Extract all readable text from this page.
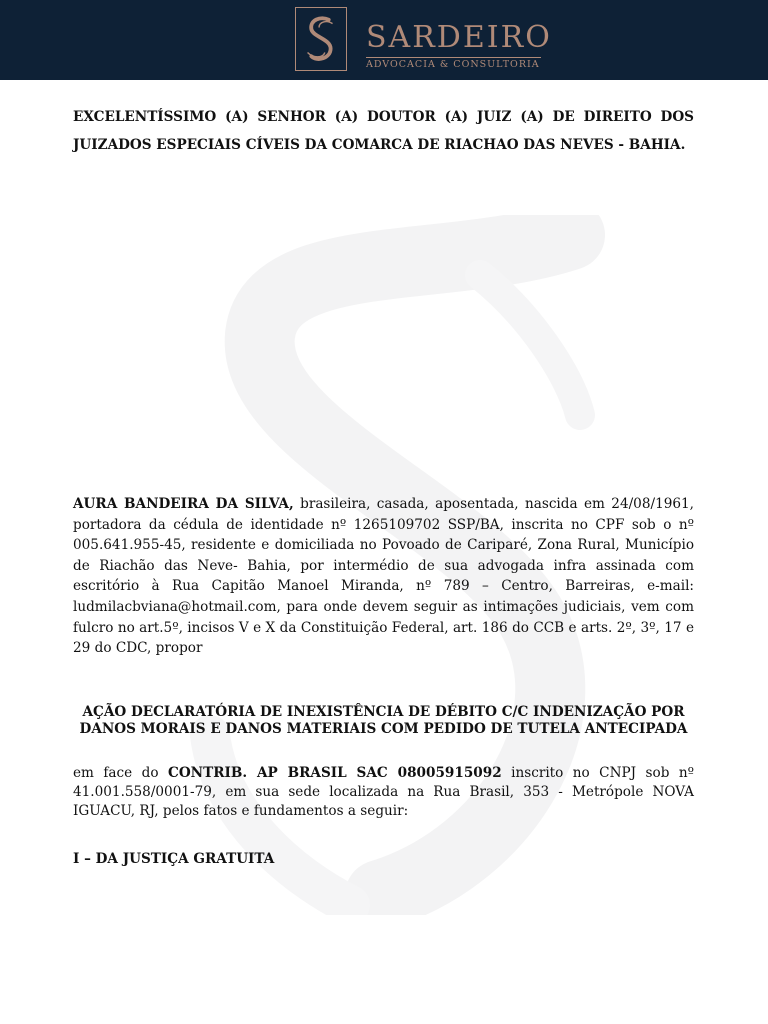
SARDEIRO
ADVOCACIA & CONSULTORIA
EXCELENTÍSSIMO (A) SENHOR (A) DOUTOR (A) JUIZ (A) DE DIREITO DOS JUIZADOS ESPECIAIS CÍVEIS DA COMARCA DE RIACHAO DAS NEVES - BAHIA.
AURA BANDEIRA DA SILVA, brasileira, casada, aposentada, nascida em 24/08/1961, portadora da cédula de identidade nº 1265109702 SSP/BA, inscrita no CPF sob o nº 005.641.955-45, residente e domiciliada no Povoado de Cariparé, Zona Rural, Município de Riachão das Neve- Bahia, por intermédio de sua advogada infra assinada com escritório à Rua Capitão Manoel Miranda, nº 789 – Centro, Barreiras, e-mail: ludmilacbviana@hotmail.com, para onde devem seguir as intimações judiciais, vem com fulcro no art.5º, incisos V e X da Constituição Federal, art. 186 do CCB e arts. 2º, 3º, 17 e 29 do CDC, propor
AÇÃO DECLARATÓRIA DE INEXISTÊNCIA DE DÉBITO C/C INDENIZAÇÃO POR
DANOS MORAIS E DANOS MATERIAIS COM PEDIDO DE TUTELA ANTECIPADA
em face do CONTRIB. AP BRASIL SAC 08005915092 inscrito no CNPJ sob nº 41.001.558/0001-79, em sua sede localizada na Rua Brasil, 353 - Metrópole NOVA IGUACU, RJ, pelos fatos e fundamentos a seguir:
I – DA JUSTIÇA GRATUITA
